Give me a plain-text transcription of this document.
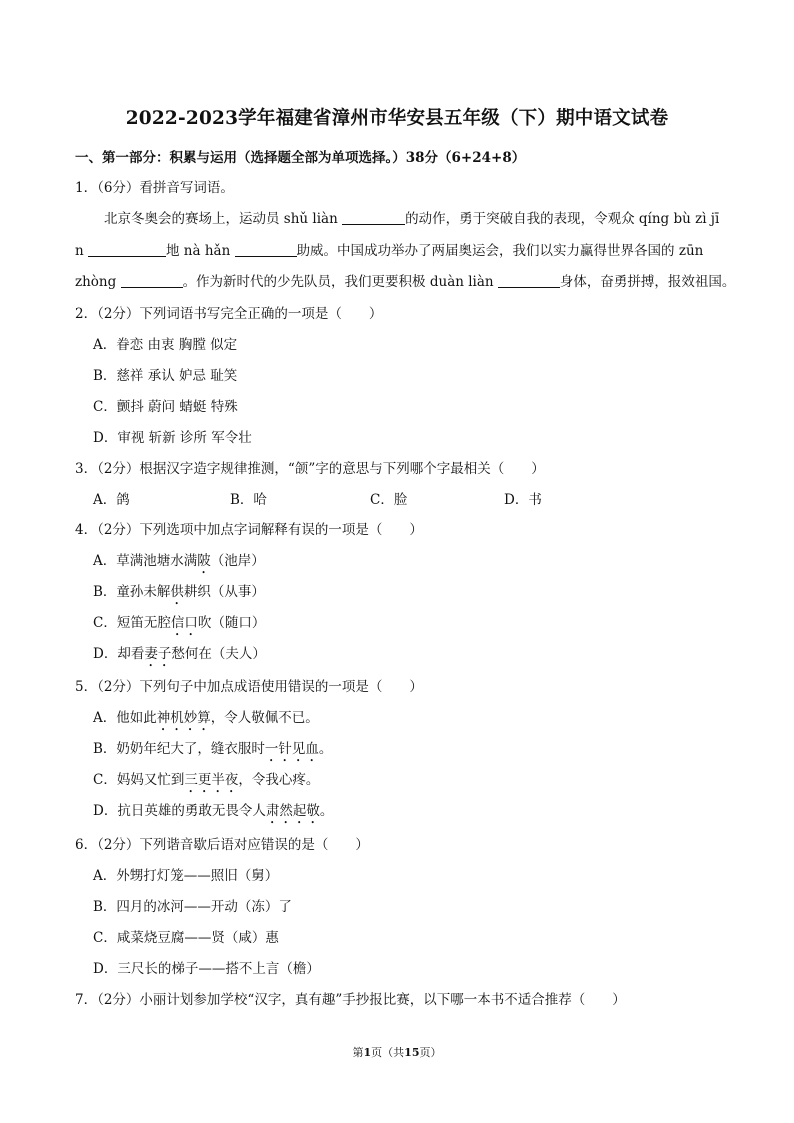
2022-2023学年福建省漳州市华安县五年级（下）期中语文试卷
一、第一部分：积累与运用（选择题全部为单项选择。）38分（6+24+8）
1．（6分）看拼音写词语。
北京冬奥会的赛场上，运动员 shǔ liàn	的动作，勇于突破自我的表现，令观众 qíng bù zì jī
n	地 nà hǎn	助威。中国成功举办了两届奥运会，我们以实力赢得世界各国的 zūn
zhòng	。作为新时代的少先队员，我们更要积极 duàn liàn	身体，奋勇拼搏，报效祖国。
2．（2分）下列词语书写完全正确的一项是（　　）
A．眷恋 由衷 胸膛 似定
B．慈祥 承认 妒忌 耻笑
C．颤抖 蔚问 蜻蜓 特殊
D．审视 斩新 诊所 军令壮
3．（2分）根据汉字造字规律推测，“颌”字的意思与下列哪个字最相关（　　）
A．鸽	B．哈	C．脸	D．书
4．（2分）下列选项中加点字词解释有误的一项是（　　）
A．草满池塘水满陂（池岸）
B．童孙未解供耕织（从事）
C．短笛无腔信口吹（随口）
D．却看妻子愁何在（夫人）
5．（2分）下列句子中加点成语使用错误的一项是（　　）
A．他如此神机妙算，令人敬佩不已。
B．奶奶年纪大了，缝衣服时一针见血。
C．妈妈又忙到三更半夜，令我心疼。
D．抗日英雄的勇敢无畏令人肃然起敬。
6．（2分）下列谐音歇后语对应错误的是（　　）
A．外甥打灯笼——照旧（舅）
B．四月的冰河——开动（冻）了
C．咸菜烧豆腐——贤（咸）惠
D．三尺长的梯子——搭不上言（檐）
7．（2分）小丽计划参加学校“汉字，真有趣”手抄报比赛，以下哪一本书不适合推荐（　　）
第1页（共15页）
